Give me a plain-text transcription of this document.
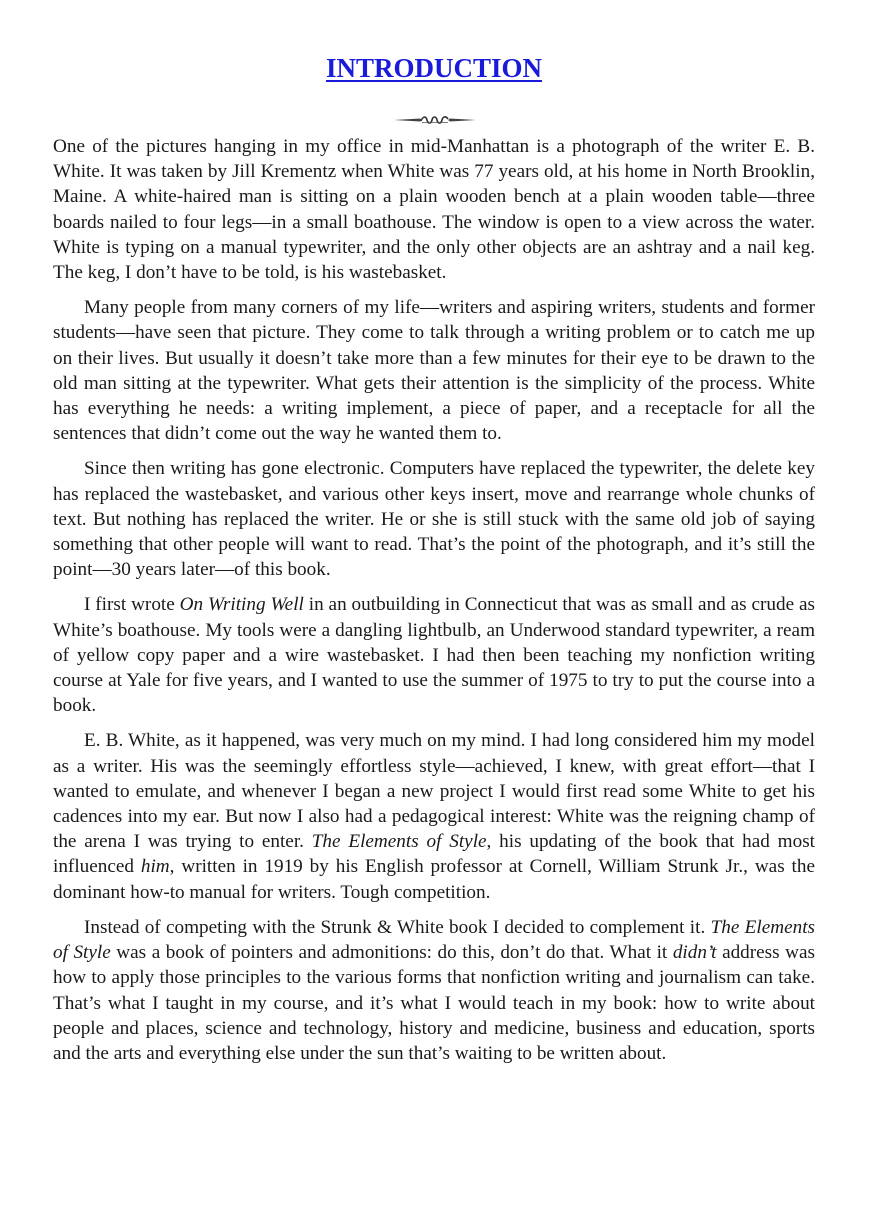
INTRODUCTION

One of the pictures hanging in my office in mid-Manhattan is a photograph of the writer E. B. White. It was taken by Jill Krementz when White was 77 years old, at his home in North Brooklin, Maine. A white-haired man is sitting on a plain wooden bench at a plain wooden table—three boards nailed to four legs—in a small boathouse. The window is open to a view across the water. White is typing on a manual typewriter, and the only other objects are an ashtray and a nail keg. The keg, I don’t have to be told, is his wastebasket.

Many people from many corners of my life—writers and aspiring writers, students and former students—have seen that picture. They come to talk through a writing problem or to catch me up on their lives. But usually it doesn’t take more than a few minutes for their eye to be drawn to the old man sitting at the typewriter. What gets their attention is the simplicity of the process. White has everything he needs: a writing implement, a piece of paper, and a receptacle for all the sentences that didn’t come out the way he wanted them to.

Since then writing has gone electronic. Computers have replaced the typewriter, the delete key has replaced the wastebasket, and various other keys insert, move and rearrange whole chunks of text. But nothing has replaced the writer. He or she is still stuck with the same old job of saying something that other people will want to read. That’s the point of the photograph, and it’s still the point—30 years later—of this book.

I first wrote On Writing Well in an outbuilding in Connecticut that was as small and as crude as White’s boathouse. My tools were a dangling lightbulb, an Underwood standard typewriter, a ream of yellow copy paper and a wire wastebasket. I had then been teaching my nonfiction writing course at Yale for five years, and I wanted to use the summer of 1975 to try to put the course into a book.

E. B. White, as it happened, was very much on my mind. I had long considered him my model as a writer. His was the seemingly effortless style—achieved, I knew, with great effort—that I wanted to emulate, and whenever I began a new project I would first read some White to get his cadences into my ear. But now I also had a pedagogical interest: White was the reigning champ of the arena I was trying to enter. The Elements of Style, his updating of the book that had most influenced him, written in 1919 by his English professor at Cornell, William Strunk Jr., was the dominant how-to manual for writers. Tough competition.

Instead of competing with the Strunk & White book I decided to complement it. The Elements of Style was a book of pointers and admonitions: do this, don’t do that. What it didn’t address was how to apply those principles to the various forms that nonfiction writing and journalism can take. That’s what I taught in my course, and it’s what I would teach in my book: how to write about people and places, science and technology, history and medicine, business and education, sports and the arts and everything else under the sun that’s waiting to be written about.
